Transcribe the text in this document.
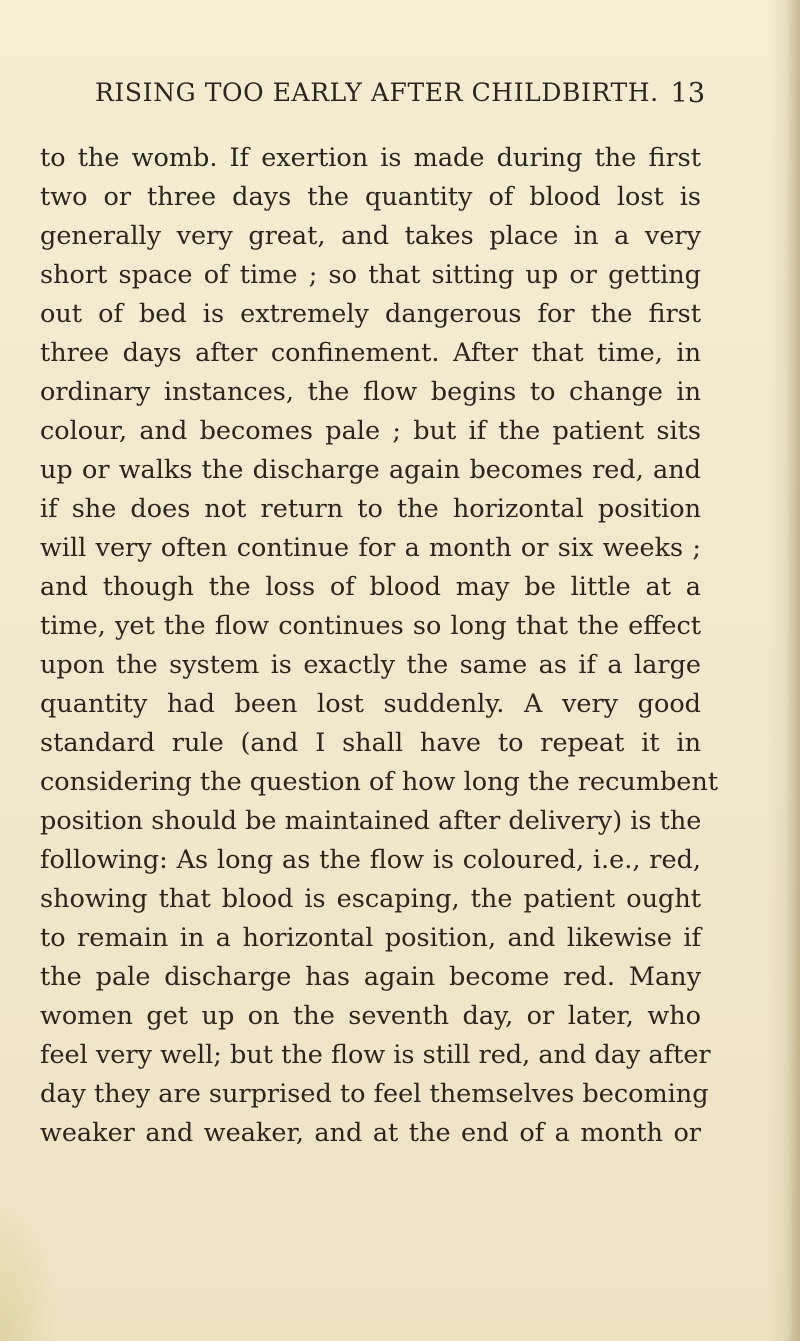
RISING TOO EARLY AFTER CHILDBIRTH. 13
to the womb. If exertion is made during the first
two or three days the quantity of blood lost is
generally very great, and takes place in a very
short space of time ; so that sitting up or getting
out of bed is extremely dangerous for the first
three days after confinement. After that time, in
ordinary instances, the flow begins to change in
colour, and becomes pale ; but if the patient sits
up or walks the discharge again becomes red, and
if she does not return to the horizontal position
will very often continue for a month or six weeks ;
and though the loss of blood may be little at a
time, yet the flow continues so long that the effect
upon the system is exactly the same as if a large
quantity had been lost suddenly. A very good
standard rule (and I shall have to repeat it in
considering the question of how long the recumbent
position should be maintained after delivery) is the
following: As long as the flow is coloured, i.e., red,
showing that blood is escaping, the patient ought
to remain in a horizontal position, and likewise if
the pale discharge has again become red. Many
women get up on the seventh day, or later, who
feel very well; but the flow is still red, and day after
day they are surprised to feel themselves becoming
weaker and weaker, and at the end of a month or
